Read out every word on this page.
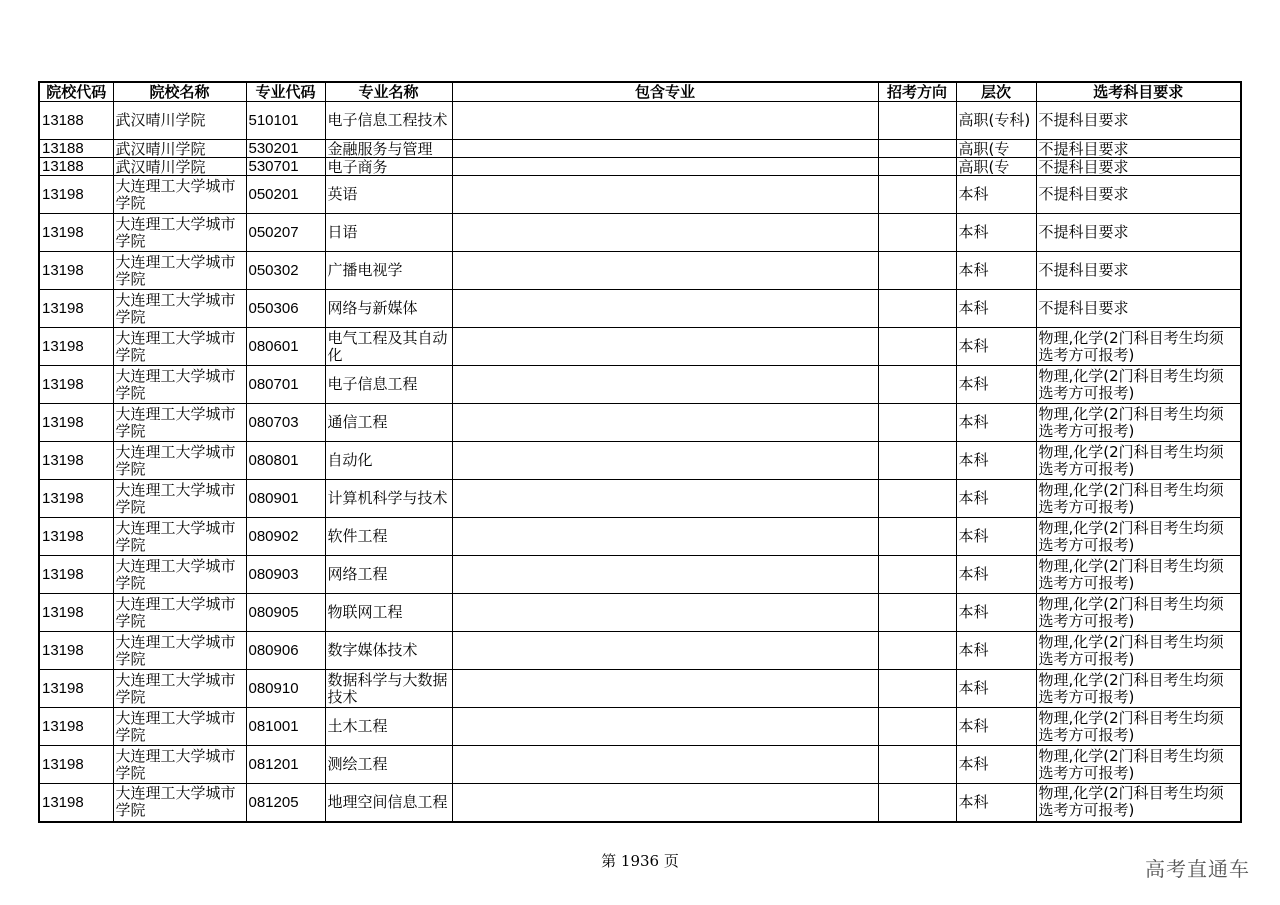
院校代码	院校名称	专业代码	专业名称	包含专业	招考方向	层次	选考科目要求
13188	武汉晴川学院	510101	电子信息工程技术			高职(专科)	不提科目要求
13188	武汉晴川学院	530201	金融服务与管理			高职(专	不提科目要求
13188	武汉晴川学院	530701	电子商务			高职(专	不提科目要求
13198	大连理工大学城市学院	050201	英语			本科	不提科目要求
13198	大连理工大学城市学院	050207	日语			本科	不提科目要求
13198	大连理工大学城市学院	050302	广播电视学			本科	不提科目要求
13198	大连理工大学城市学院	050306	网络与新媒体			本科	不提科目要求
13198	大连理工大学城市学院	080601	电气工程及其自动化			本科	物理,化学(2门科目考生均须选考方可报考)
13198	大连理工大学城市学院	080701	电子信息工程			本科	物理,化学(2门科目考生均须选考方可报考)
13198	大连理工大学城市学院	080703	通信工程			本科	物理,化学(2门科目考生均须选考方可报考)
13198	大连理工大学城市学院	080801	自动化			本科	物理,化学(2门科目考生均须选考方可报考)
13198	大连理工大学城市学院	080901	计算机科学与技术			本科	物理,化学(2门科目考生均须选考方可报考)
13198	大连理工大学城市学院	080902	软件工程			本科	物理,化学(2门科目考生均须选考方可报考)
13198	大连理工大学城市学院	080903	网络工程			本科	物理,化学(2门科目考生均须选考方可报考)
13198	大连理工大学城市学院	080905	物联网工程			本科	物理,化学(2门科目考生均须选考方可报考)
13198	大连理工大学城市学院	080906	数字媒体技术			本科	物理,化学(2门科目考生均须选考方可报考)
13198	大连理工大学城市学院	080910	数据科学与大数据技术			本科	物理,化学(2门科目考生均须选考方可报考)
13198	大连理工大学城市学院	081001	土木工程			本科	物理,化学(2门科目考生均须选考方可报考)
13198	大连理工大学城市学院	081201	测绘工程			本科	物理,化学(2门科目考生均须选考方可报考)
13198	大连理工大学城市学院	081205	地理空间信息工程			本科	物理,化学(2门科目考生均须选考方可报考)
第 1936 页	高考直通车
